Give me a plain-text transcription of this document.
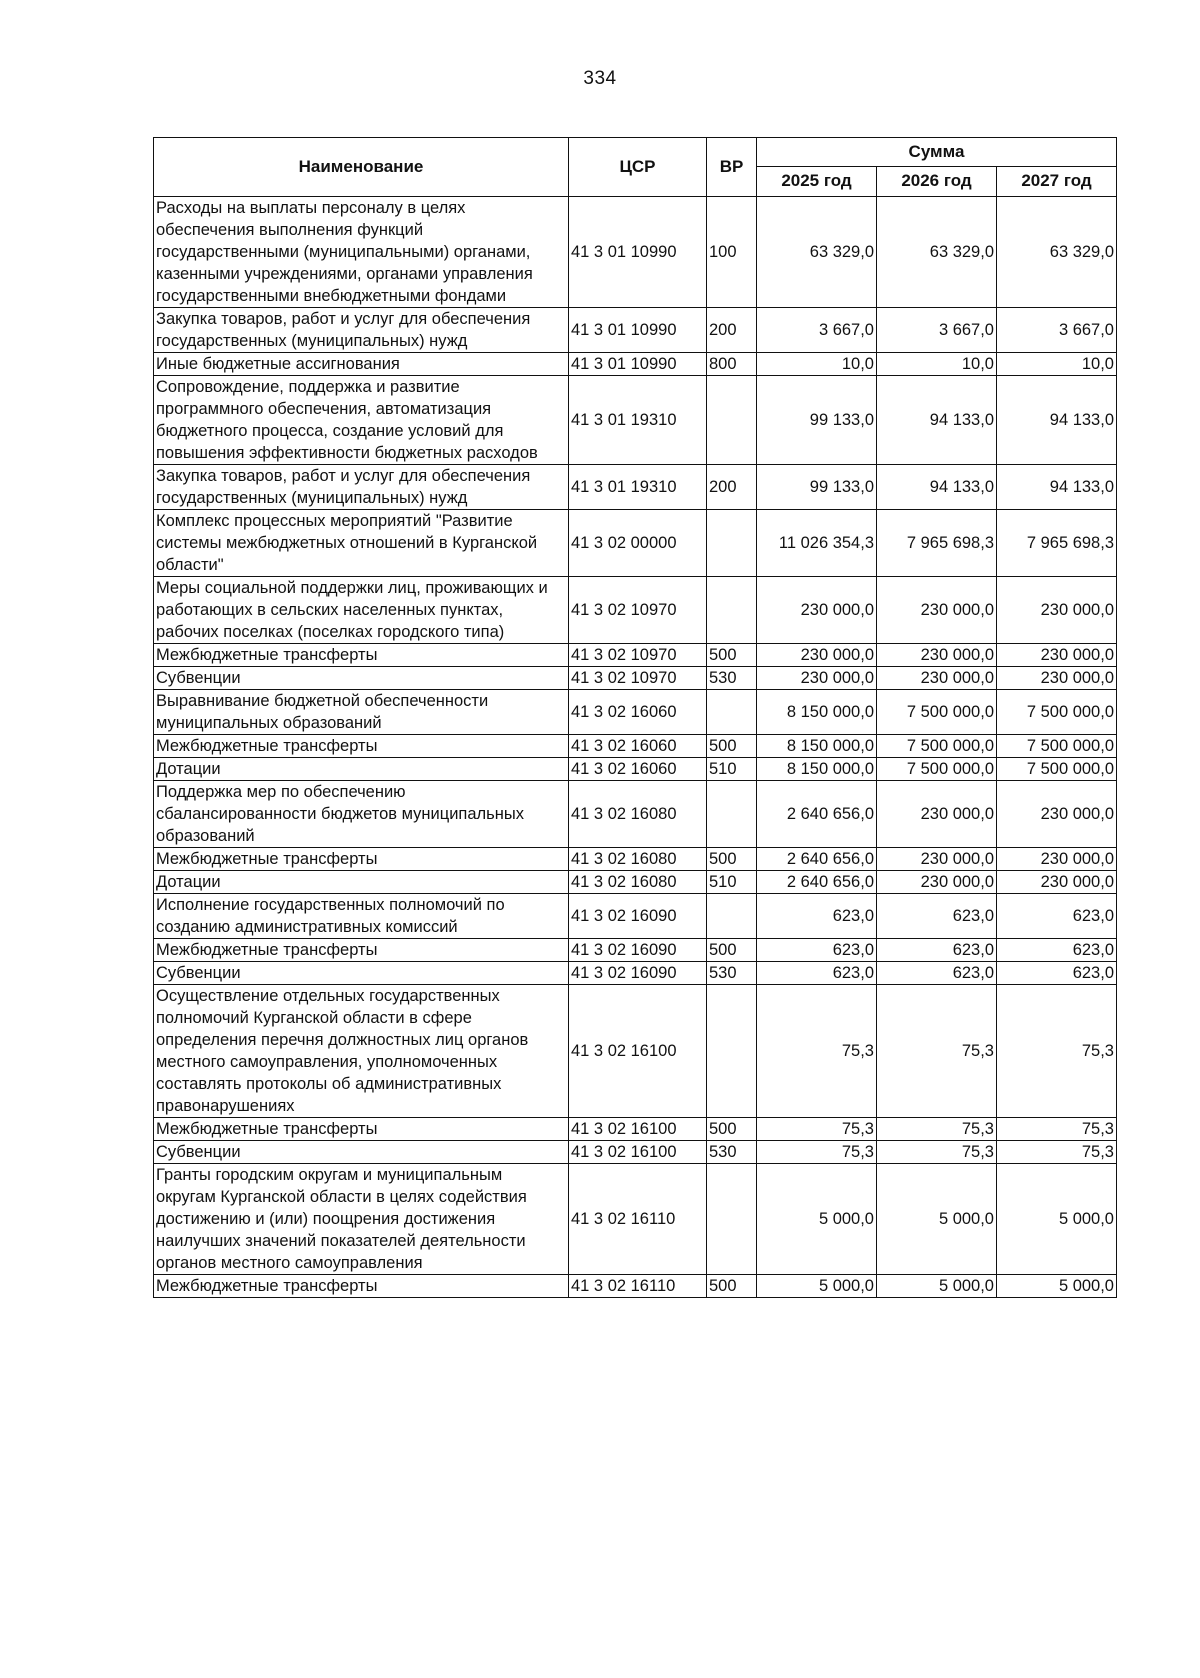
334
Наименование	ЦСР	ВР	Сумма		
			2025 год	2026 год	2027 год
Расходы на выплаты персоналу в целях обеспечения выполнения функций государственными (муниципальными) органами, казенными учреждениями, органами управления государственными внебюджетными фондами	41 3 01 10990	100	63 329,0	63 329,0	63 329,0
Закупка товаров, работ и услуг для обеспечения государственных (муниципальных) нужд	41 3 01 10990	200	3 667,0	3 667,0	3 667,0
Иные бюджетные ассигнования	41 3 01 10990	800	10,0	10,0	10,0
Сопровождение, поддержка и развитие программного обеспечения, автоматизация бюджетного процесса, создание условий для повышения эффективности бюджетных расходов	41 3 01 19310		99 133,0	94 133,0	94 133,0
Закупка товаров, работ и услуг для обеспечения государственных (муниципальных) нужд	41 3 01 19310	200	99 133,0	94 133,0	94 133,0
Комплекс процессных мероприятий "Развитие системы межбюджетных отношений в Курганской области"	41 3 02 00000		11 026 354,3	7 965 698,3	7 965 698,3
Меры социальной поддержки лиц, проживающих и работающих в сельских населенных пунктах, рабочих поселках (поселках городского типа)	41 3 02 10970		230 000,0	230 000,0	230 000,0
Межбюджетные трансферты	41 3 02 10970	500	230 000,0	230 000,0	230 000,0
Субвенции	41 3 02 10970	530	230 000,0	230 000,0	230 000,0
Выравнивание бюджетной обеспеченности муниципальных образований	41 3 02 16060		8 150 000,0	7 500 000,0	7 500 000,0
Межбюджетные трансферты	41 3 02 16060	500	8 150 000,0	7 500 000,0	7 500 000,0
Дотации	41 3 02 16060	510	8 150 000,0	7 500 000,0	7 500 000,0
Поддержка мер по обеспечению сбалансированности бюджетов муниципальных образований	41 3 02 16080		2 640 656,0	230 000,0	230 000,0
Межбюджетные трансферты	41 3 02 16080	500	2 640 656,0	230 000,0	230 000,0
Дотации	41 3 02 16080	510	2 640 656,0	230 000,0	230 000,0
Исполнение государственных полномочий по созданию административных комиссий	41 3 02 16090		623,0	623,0	623,0
Межбюджетные трансферты	41 3 02 16090	500	623,0	623,0	623,0
Субвенции	41 3 02 16090	530	623,0	623,0	623,0
Осуществление отдельных государственных полномочий Курганской области в сфере определения перечня должностных лиц органов местного самоуправления, уполномоченных составлять протоколы об административных правонарушениях	41 3 02 16100		75,3	75,3	75,3
Межбюджетные трансферты	41 3 02 16100	500	75,3	75,3	75,3
Субвенции	41 3 02 16100	530	75,3	75,3	75,3
Гранты городским округам и муниципальным округам Курганской области в целях содействия достижению и (или) поощрения достижения наилучших значений показателей деятельности органов местного самоуправления	41 3 02 16110		5 000,0	5 000,0	5 000,0
Межбюджетные трансферты	41 3 02 16110	500	5 000,0	5 000,0	5 000,0
